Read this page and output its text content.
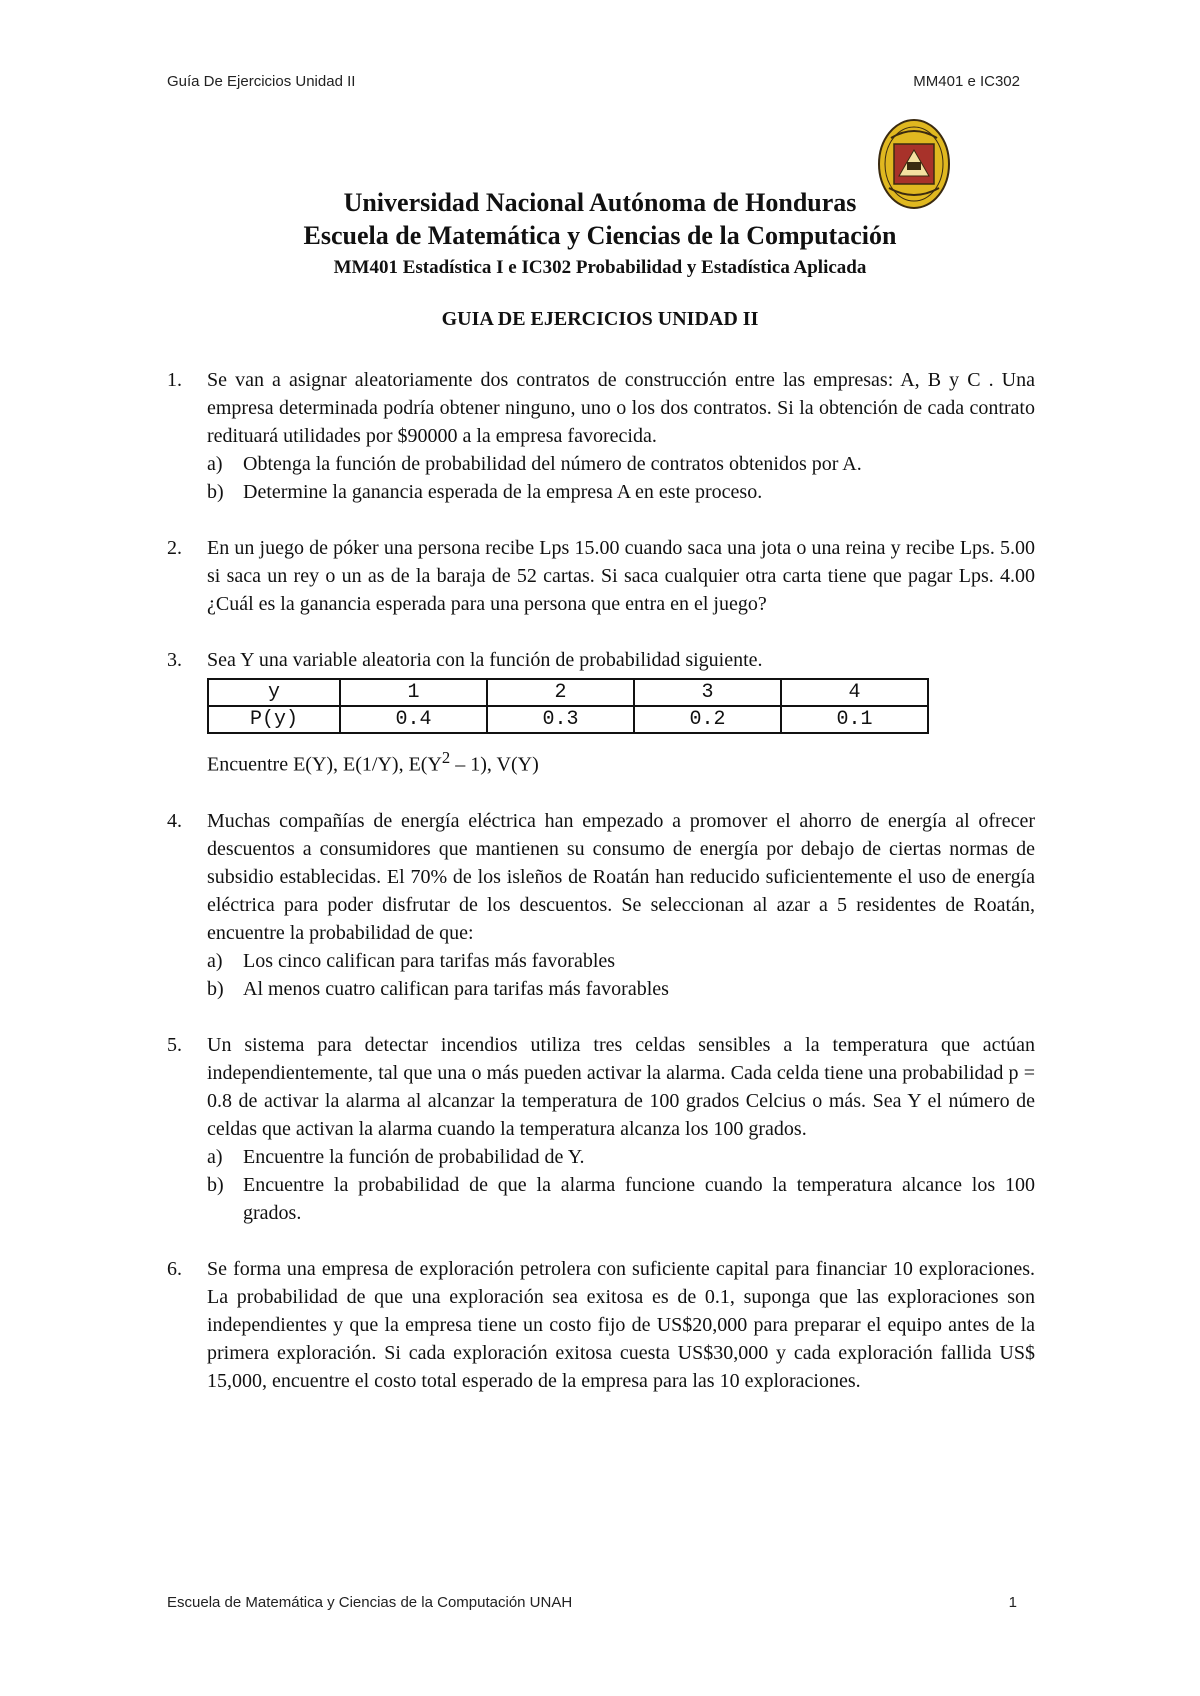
Guía De Ejercicios Unidad II	MM401 e IC302
Universidad Nacional Autónoma de Honduras
Escuela de Matemática y Ciencias de la Computación
MM401 Estadística I e IC302 Probabilidad y Estadística Aplicada
GUIA DE EJERCICIOS UNIDAD II
1. Se van a asignar aleatoriamente dos contratos de construcción entre las empresas: A, B y C . Una empresa determinada podría obtener ninguno, uno o los dos contratos. Si la obtención de cada contrato redituará utilidades por $90000 a la empresa favorecida.
a) Obtenga la función de probabilidad del número de contratos obtenidos por A.
b) Determine la ganancia esperada de la empresa A en este proceso.
2. En un juego de póker una persona recibe Lps 15.00 cuando saca una jota o una reina y recibe Lps. 5.00 si saca un rey o un as de la baraja de 52 cartas. Si saca cualquier otra carta tiene que pagar Lps. 4.00 ¿Cuál es la ganancia esperada para una persona que entra en el juego?
3. Sea Y una variable aleatoria con la función de probabilidad siguiente.
y	1	2	3	4
P(y)	0.4	0.3	0.2	0.1
Encuentre E(Y), E(1/Y), $E(Y^2 - 1)$, V(Y)
4. Muchas compañías de energía eléctrica han empezado a promover el ahorro de energía al ofrecer descuentos a consumidores que mantienen su consumo de energía por debajo de ciertas normas de subsidio establecidas. El 70% de los isleños de Roatán han reducido suficientemente el uso de energía eléctrica para poder disfrutar de los descuentos. Se seleccionan al azar a 5 residentes de Roatán, encuentre la probabilidad de que:
a) Los cinco califican para tarifas más favorables
b) Al menos cuatro califican para tarifas más favorables
5. Un sistema para detectar incendios utiliza tres celdas sensibles a la temperatura que actúan independientemente, tal que una o más pueden activar la alarma. Cada celda tiene una probabilidad p = 0.8 de activar la alarma al alcanzar la temperatura de 100 grados Celcius o más. Sea Y el número de celdas que activan la alarma cuando la temperatura alcanza los 100 grados.
a) Encuentre la función de probabilidad de Y.
b) Encuentre la probabilidad de que la alarma funcione cuando la temperatura alcance los 100 grados.
6. Se forma una empresa de exploración petrolera con suficiente capital para financiar 10 exploraciones. La probabilidad de que una exploración sea exitosa es de 0.1, suponga que las exploraciones son independientes y que la empresa tiene un costo fijo de US$20,000 para preparar el equipo antes de la primera exploración. Si cada exploración exitosa cuesta US$30,000 y cada exploración fallida US$ 15,000, encuentre el costo total esperado de la empresa para las 10 exploraciones.
Escuela de Matemática y Ciencias de la Computación UNAH	1
